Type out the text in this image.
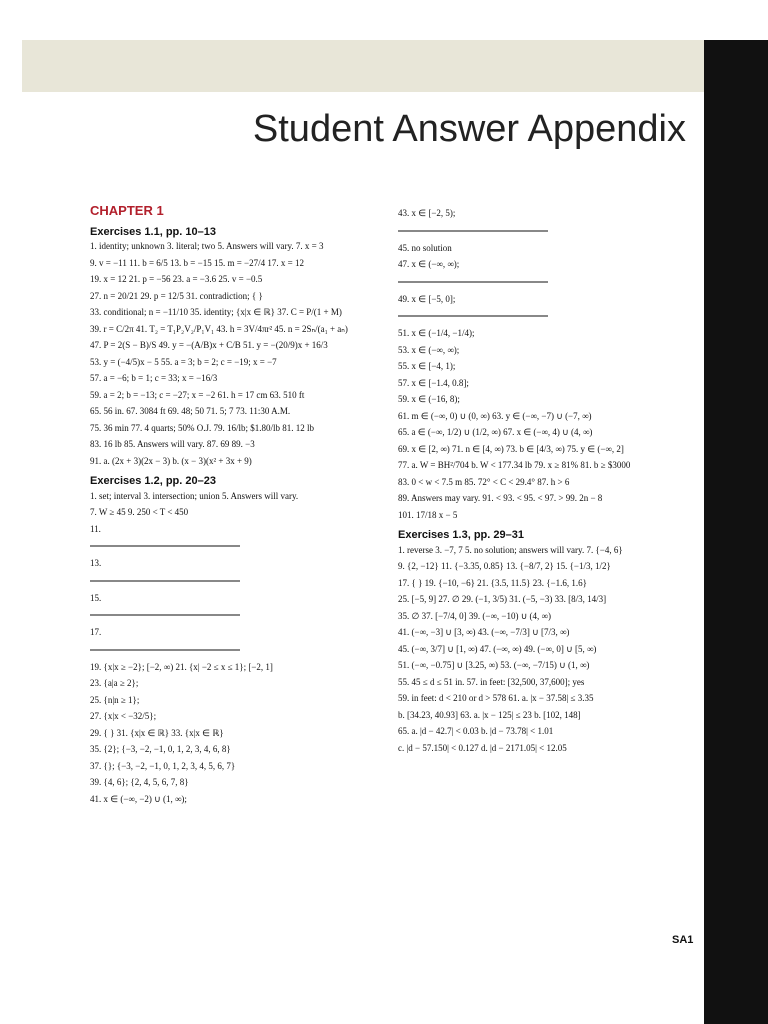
Student Answer Appendix
CHAPTER 1
Exercises 1.1, pp. 10–13
1. identity; unknown 3. literal; two 5. Answers will vary. 7. x = 3
9. v = −11 11. b = 6/5 13. b = −15 15. m = −27/4 17. x = 12
19. x = 12 21. p = −56 23. a = −3.6 25. v = −0.5
27. n = 20/21 29. p = 12/5 31. contradiction; { }
33. conditional; n = −11/10 35. identity; {x|x ∈ ℝ} 37. C = P/(1 + M)
39. r = C/2π 41. T₂ = T₁P₂V₂/P₁V₁ 43. h = 3V/4πr² 45. n = 2Sₙ/(a₁ + aₙ)
47. P = 2(S − B)/S 49. y = −(A/B)x + C/B 51. y = −(20/9)x + 16/3
53. y = (−4/5)x − 5 55. a = 3; b = 2; c = −19; x = −7
57. a = −6; b = 1; c = 33; x = −16/3
59. a = 2; b = −13; c = −27; x = −2 61. h = 17 cm 63. 510 ft
65. 56 in. 67. 3084 ft 69. 48; 50 71. 5; 7 73. 11:30 A.M.
75. 36 min 77. 4 quarts; 50% O.J. 79. 16/lb; $1.80/lb 81. 12 lb
83. 16 lb 85. Answers will vary. 87. 69 89. −3
91. a. (2x + 3)(2x − 3) b. (x − 3)(x² + 3x + 9)
Exercises 1.2, pp. 20–23
1. set; interval 3. intersection; union 5. Answers will vary.
7. W ≥ 45 9. 250 < T < 450
11.
13.
15.
17.
19. {x|x ≥ −2}; [−2, ∞) 21. {x| −2 ≤ x ≤ 1}; [−2, 1]
23. {a|a ≥ 2};
25. {n|n ≥ 1};
27. {x|x < −32/5};
29. { } 31. {x|x ∈ ℝ} 33. {x|x ∈ ℝ}
35. {2}; {−3, −2, −1, 0, 1, 2, 3, 4, 6, 8}
37. {}; {−3, −2, −1, 0, 1, 2, 3, 4, 5, 6, 7}
39. {4, 6}; {2, 4, 5, 6, 7, 8}
41. x ∈ (−∞, −2) ∪ (1, ∞);
43. x ∈ [−2, 5);
45. no solution
47. x ∈ (−∞, ∞);
49. x ∈ [−5, 0];
51. x ∈ (−1/4, −1/4);
53. x ∈ (−∞, ∞);
55. x ∈ [−4, 1);
57. x ∈ [−1.4, 0.8];
59. x ∈ (−16, 8);
61. m ∈ (−∞, 0) ∪ (0, ∞) 63. y ∈ (−∞, −7) ∪ (−7, ∞)
65. a ∈ (−∞, 1/2) ∪ (1/2, ∞) 67. x ∈ (−∞, 4) ∪ (4, ∞)
69. x ∈ [2, ∞) 71. n ∈ [4, ∞) 73. b ∈ [4/3, ∞) 75. y ∈ (−∞, 2]
77. a. W = BH²/704 b. W < 177.34 lb 79. x ≥ 81% 81. b ≥ $3000
83. 0 < w < 7.5 m 85. 72° < C < 29.4° 87. h > 6
89. Answers may vary. 91. < 93. < 95. < 97. > 99. 2n − 8
101. 17/18 x − 5
Exercises 1.3, pp. 29–31
1. reverse 3. −7, 7 5. no solution; answers will vary. 7. {−4, 6}
9. {2, −12} 11. {−3.35, 0.85} 13. {−8/7, 2} 15. {−1/3, 1/2}
17. { } 19. {−10, −6} 21. {3.5, 11.5} 23. {−1.6, 1.6}
25. [−5, 9] 27. ∅ 29. (−1, 3/5) 31. (−5, −3) 33. [8/3, 14/3]
35. ∅ 37. [−7/4, 0] 39. (−∞, −10) ∪ (4, ∞)
41. (−∞, −3] ∪ [3, ∞) 43. (−∞, −7/3] ∪ [7/3, ∞)
45. (−∞, 3/7] ∪ [1, ∞) 47. (−∞, ∞) 49. (−∞, 0] ∪ [5, ∞)
51. (−∞, −0.75] ∪ [3.25, ∞) 53. (−∞, −7/15) ∪ (1, ∞)
55. 45 ≤ d ≤ 51 in. 57. in feet: [32,500, 37,600]; yes
59. in feet: d < 210 or d > 578 61. a. |x − 37.58| ≤ 3.35
b. [34.23, 40.93] 63. a. |x − 125| ≤ 23 b. [102, 148]
65. a. |d − 42.7| < 0.03 b. |d − 73.78| < 1.01
c. |d − 57.150| < 0.127 d. |d − 2171.05| < 12.05
SA1
